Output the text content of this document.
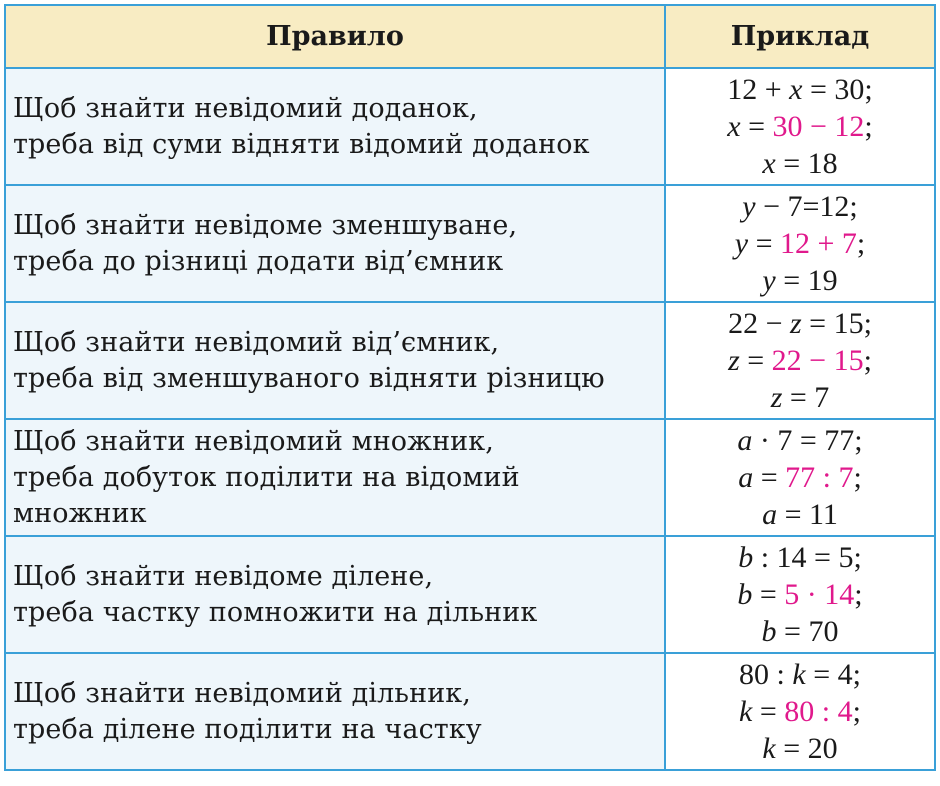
Правило	Приклад

Щоб знайти невідомий доданок,
треба від суми відняти відомий доданок	12 + x = 30;
x = 30 − 12;
x = 18

Щоб знайти невідоме зменшуване,
треба до різниці додати від’ємник	y − 7=12;
y = 12 + 7;
y = 19

Щоб знайти невідомий від’ємник,
треба від зменшуваного відняти різницю	22 − z = 15;
z = 22 − 15;
z = 7

Щоб знайти невідомий множник,
треба добуток поділити на відомий
множник	a · 7 = 77;
a = 77 : 7;
a = 11

Щоб знайти невідоме ділене,
треба частку помножити на дільник	b : 14 = 5;
b = 5 · 14;
b = 70

Щоб знайти невідомий дільник,
треба ділене поділити на частку	80 : k = 4;
k = 80 : 4;
k = 20
